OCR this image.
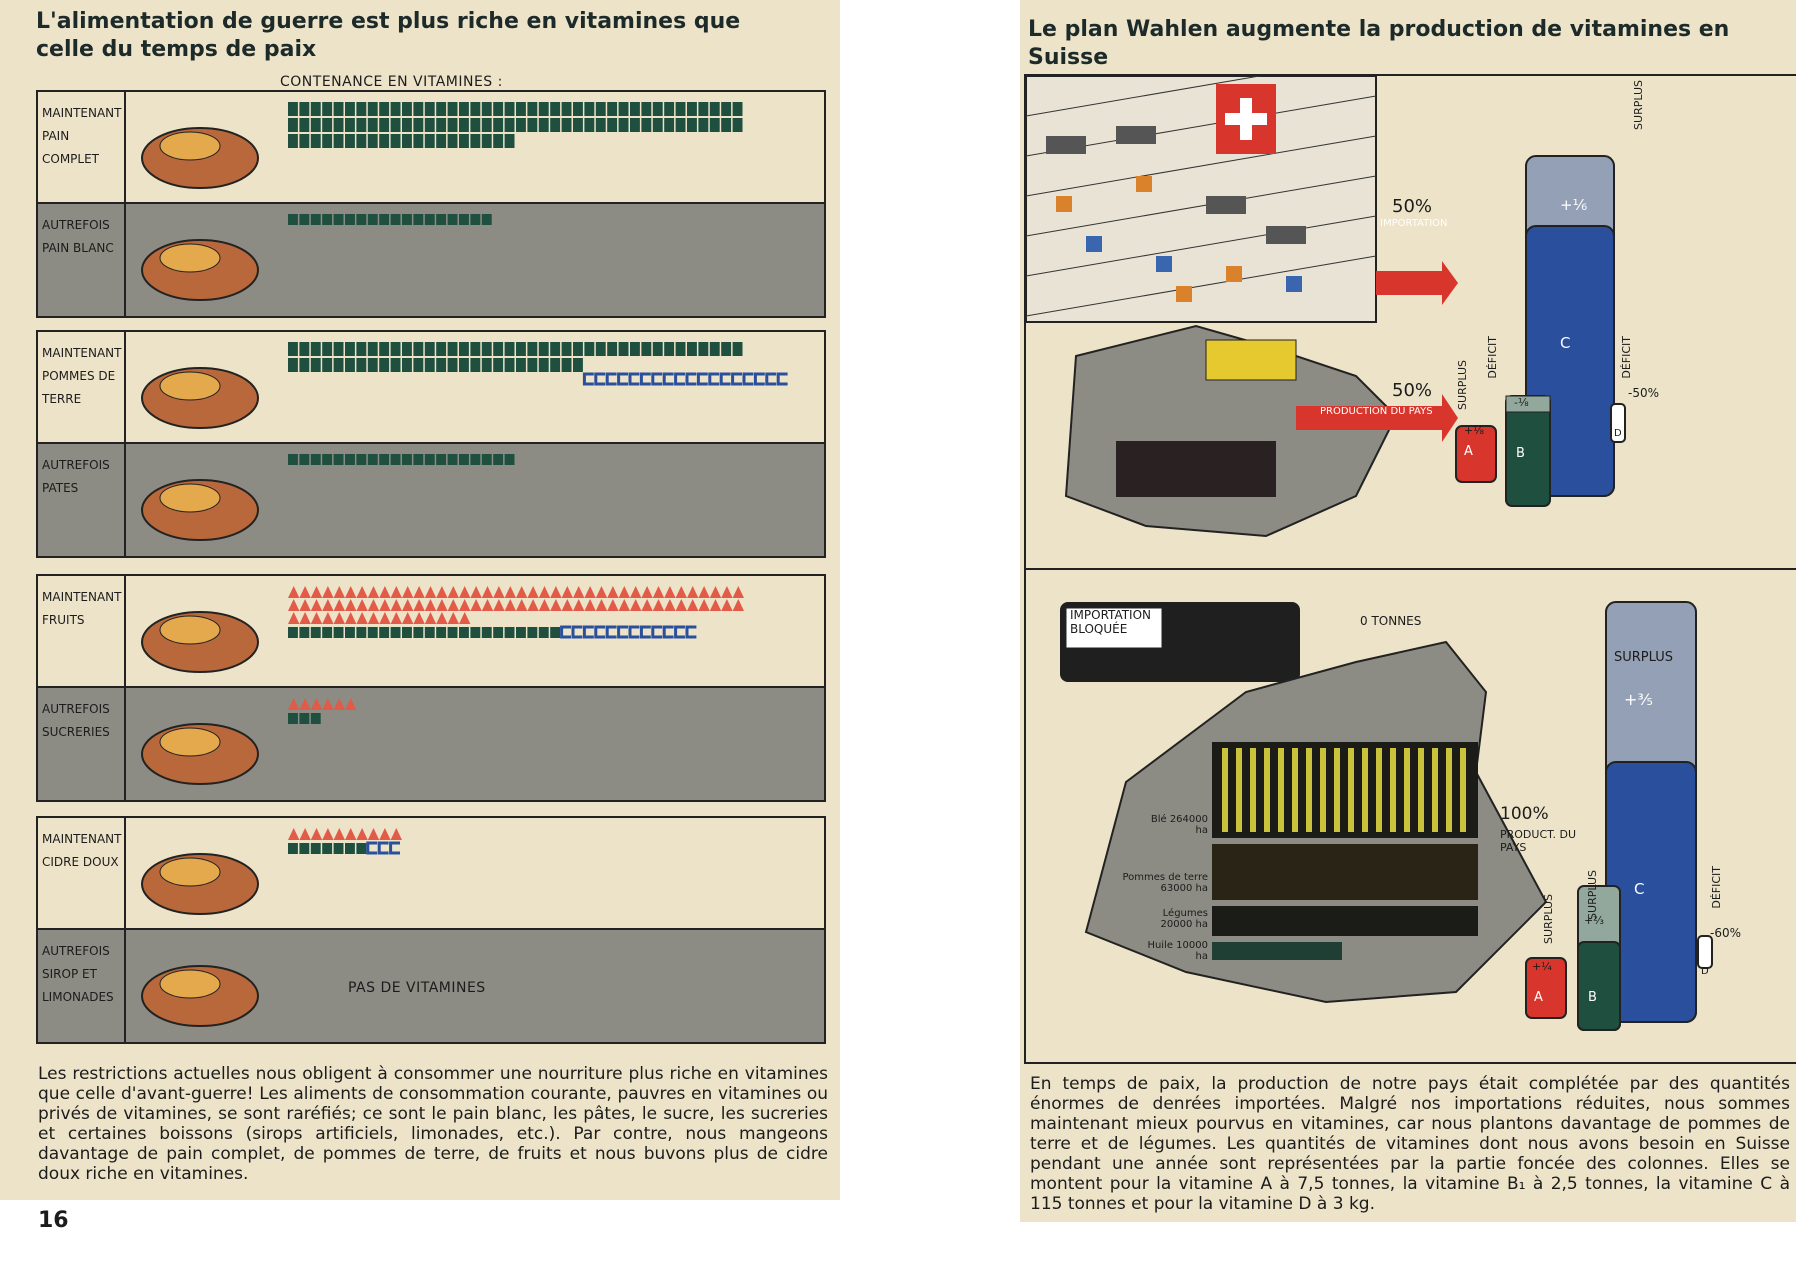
L'alimentation de guerre est plus riche en vitamines que celle du temps de paix
CONTENANCE EN VITAMINES :
MAINTENANT
PAIN COMPLET
AUTREFOIS
PAIN BLANC
MAINTENANT
POMMES DE TERRE
AUTREFOIS
PATES
MAINTENANT
FRUITS
AUTREFOIS
SUCRERIES
MAINTENANT
CIDRE DOUX
AUTREFOIS
SIROP ET LIMONADES
PAS DE VITAMINES
Les restrictions actuelles nous obligent à consommer une nourriture plus riche en vitamines que celle d'avant-guerre! Les aliments de consommation courante, pauvres en vitamines ou privés de vitamines, se sont raréfiés; ce sont le pain blanc, les pâtes, le sucre, les sucreries et certaines boissons (sirops artificiels, limonades, etc.). Par contre, nous mangeons davantage de pain complet, de pommes de terre, de fruits et nous buvons plus de cidre doux riche en vitamines.
16
Le plan Wahlen augmente la production de vitamines en Suisse
50%
IMPORTATION
50%
PRODUCTION DU PAYS
+⅙
C
-⅛
B
+⅛
A
-50%
D
SURPLUS
SURPLUS
DÉFICIT	DÉFICIT
IMPORTATION BLOQUÉE
0 TONNES
100%
PRODUCT. DU PAYS
Blé 264000 ha
Pommes de terre 63000 ha
Légumes 20000 ha
Huile 10000 ha
SURPLUS
+⅗
C
+⅔
B
+¼
A
-60%
D
SURPLUS	SURPLUS	DÉFICIT
En temps de paix, la production de notre pays était complétée par des quantités énormes de denrées importées. Malgré nos importations réduites, nous sommes maintenant mieux pourvus en vitamines, car nous plantons davantage de pommes de terre et de légumes. Les quantités de vitamines dont nous avons besoin en Suisse pendant une année sont représentées par la partie foncée des colonnes. Elles se montent pour la vitamine A à 7,5 tonnes, la vitamine B₁ à 2,5 tonnes, la vitamine C à 115 tonnes et pour la vitamine D à 3 kg.
